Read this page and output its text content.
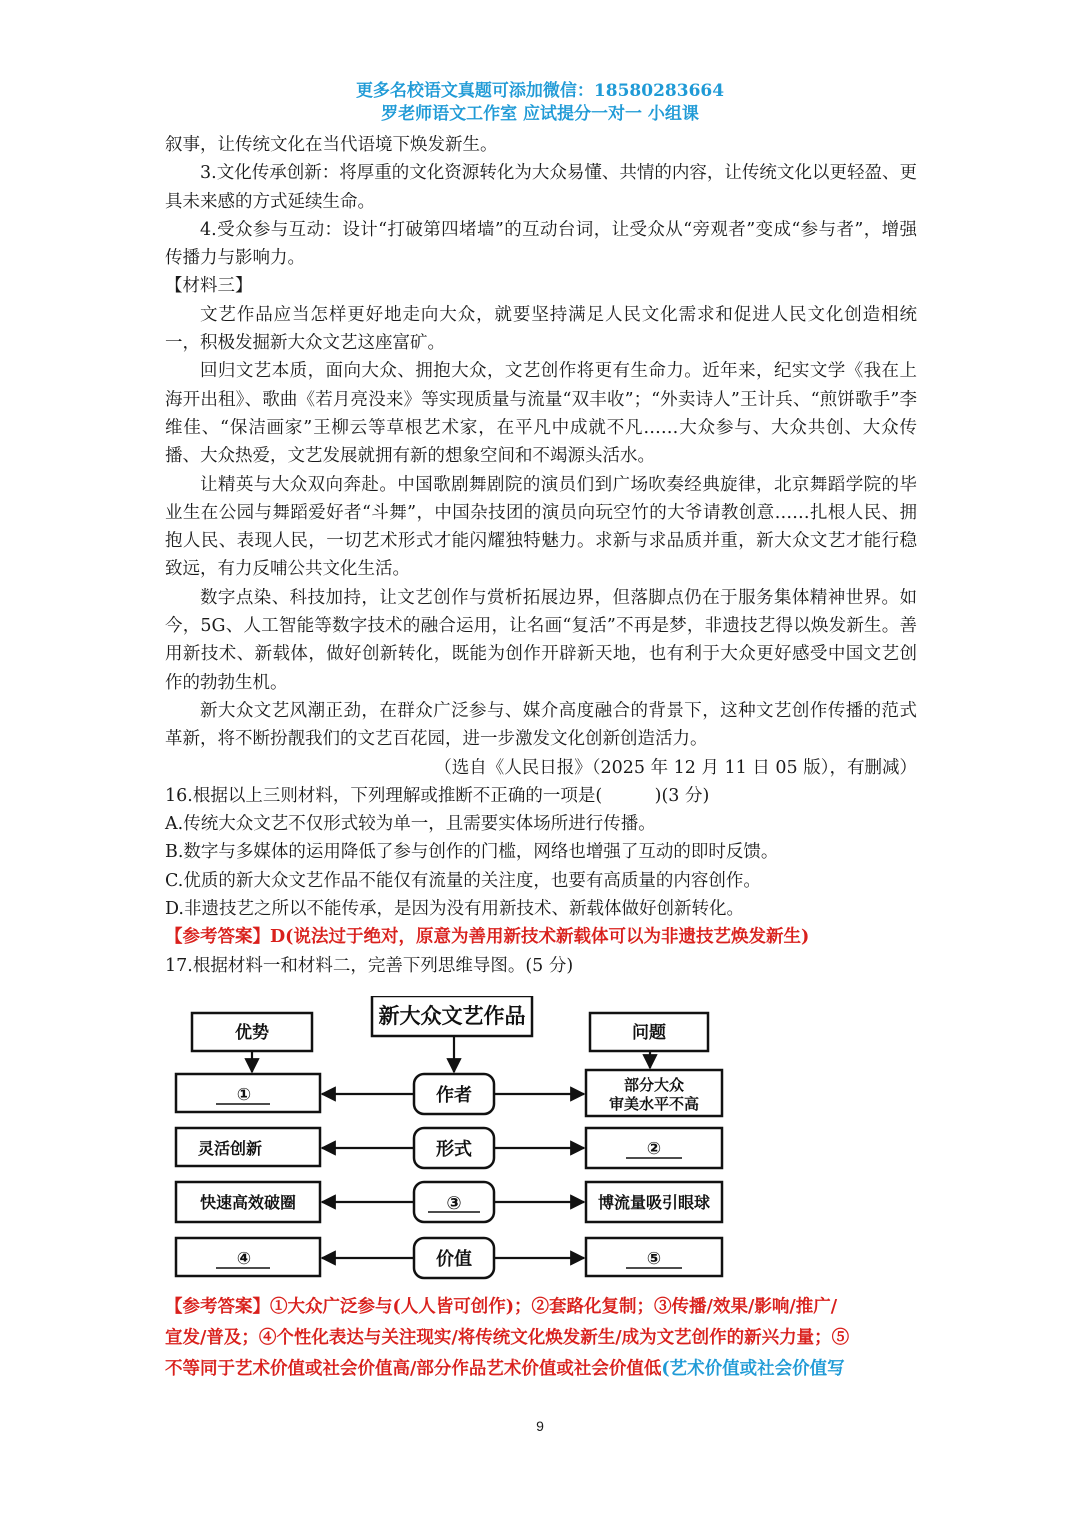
更多名校语文真题可添加微信：18580283664
罗老师语文工作室 应试提分一对一 小组课

叙事，让传统文化在当代语境下焕发新生。

3.文化传承创新：将厚重的文化资源转化为大众易懂、共情的内容，让传统文化以更轻盈、更具未来感的方式延续生命。

4.受众参与互动：设计“打破第四堵墙”的互动台词，让受众从“旁观者”变成“参与者”，增强传播力与影响力。

【材料三】

文艺作品应当怎样更好地走向大众，就要坚持满足人民文化需求和促进人民文化创造相统一，积极发掘新大众文艺这座富矿。

回归文艺本质，面向大众、拥抱大众，文艺创作将更有生命力。近年来，纪实文学《我在上海开出租》、歌曲《若月亮没来》等实现质量与流量“双丰收”；“外卖诗人”王计兵、“煎饼歌手”李维佳、“保洁画家”王柳云等草根艺术家，在平凡中成就不凡……大众参与、大众共创、大众传播、大众热爱，文艺发展就拥有新的想象空间和不竭源头活水。

让精英与大众双向奔赴。中国歌剧舞剧院的演员们到广场吹奏经典旋律，北京舞蹈学院的毕业生在公园与舞蹈爱好者“斗舞”，中国杂技团的演员向玩空竹的大爷请教创意……扎根人民、拥抱人民、表现人民，一切艺术形式才能闪耀独特魅力。求新与求品质并重，新大众文艺才能行稳致远，有力反哺公共文化生活。

数字点染、科技加持，让文艺创作与赏析拓展边界，但落脚点仍在于服务集体精神世界。如今，5G、人工智能等数字技术的融合运用，让名画“复活”不再是梦，非遗技艺得以焕发新生。善用新技术、新载体，做好创新转化，既能为创作开辟新天地，也有利于大众更好感受中国文艺创作的勃勃生机。

新大众文艺风潮正劲，在群众广泛参与、媒介高度融合的背景下，这种文艺创作传播的范式革新，将不断扮靓我们的文艺百花园，进一步激发文化创新创造活力。

（选自《人民日报》（2025 年 12 月 11 日 05 版），有删减）

16.根据以上三则材料，下列理解或推断不正确的一项是(　　　)(3 分)

A.传统大众文艺不仅形式较为单一，且需要实体场所进行传播。

B.数字与多媒体的运用降低了参与创作的门槛，网络也增强了互动的即时反馈。

C.优质的新大众文艺作品不能仅有流量的关注度，也要有高质量的内容创作。

D.非遗技艺之所以不能传承，是因为没有用新技术、新载体做好创新转化。

【参考答案】D(说法过于绝对，原意为善用新技术新载体可以为非遗技艺焕发新生)

17.根据材料一和材料二，完善下列思维导图。(5 分)

新大众文艺作品
优势	问题
作者
形式
③
价值
①
灵活创新
快速高效破圈
④
部分大众
审美水平不高
②
博流量吸引眼球
⑤

【参考答案】①大众广泛参与(人人皆可创作)；②套路化复制；③传播/效果/影响/推广/

宣发/普及；④个性化表达与关注现实/将传统文化焕发新生/成为文艺创作的新兴力量；⑤

不等同于艺术价值或社会价值高/部分作品艺术价值或社会价值低(艺术价值或社会价值写

9
